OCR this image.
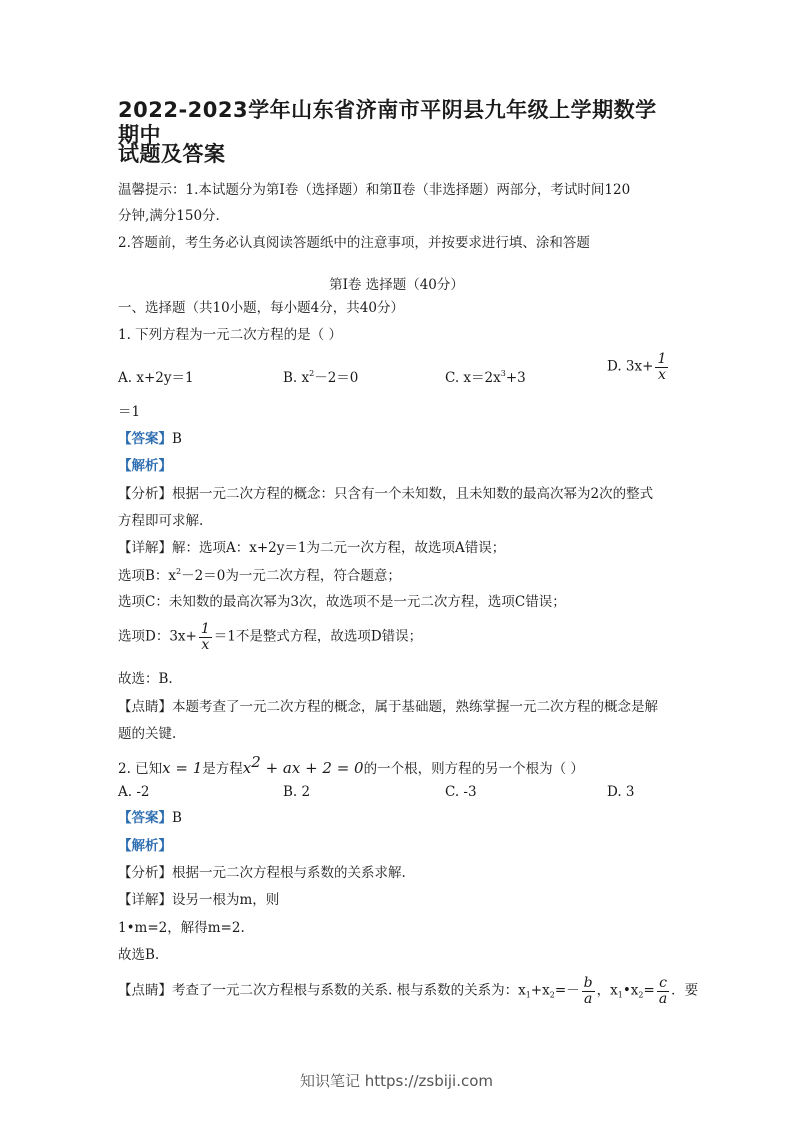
2022-2023学年山东省济南市平阴县九年级上学期数学期中
试题及答案
温馨提示：1.本试题分为第Ⅰ卷（选择题）和第Ⅱ卷（非选择题）两部分，考试时间120
分钟,满分150分.
2.答题前，考生务必认真阅读答题纸中的注意事项，并按要求进行填、涂和答题
第Ⅰ卷 选择题（40分）
一、选择题（共10小题，每小题4分，共40分）
1. 下列方程为一元二次方程的是（ ）
A. x+2y＝1	B. $x^2-2=0$	C. $x=2x^3+3$
D. $3x+ \frac{1}{x}$
＝1
【答案】B
【解析】
【分析】根据一元二次方程的概念：只含有一个未知数，且未知数的最高次幂为2次的整式
方程即可求解.
【详解】解：选项A：x+2y＝1为二元一次方程，故选项A错误；
选项B：$x^2-2=0$为一元二次方程，符合题意；
选项C：未知数的最高次幂为3次，故选项不是一元二次方程，选项C错误；
选项D：$3x+ \frac{1}{x} =1$不是整式方程，故选项D错误；
故选：B.
【点睛】本题考查了一元二次方程的概念，属于基础题，熟练掌握一元二次方程的概念是解
题的关键.
2. 已知x = 1是方程$x^2$ + ax + 2 = 0的一个根，则方程的另一个根为（ ）
A. -2	B. 2	C. -3	D. 3
【答案】B
【解析】
【分析】根据一元二次方程根与系数的关系求解.
【详解】设另一根为m，则
1•m=2，解得m=2.
故选B.
【点睛】考查了一元二次方程根与系数的关系. 根与系数的关系为：$x_1+x_2=- \frac{b}{a}$ ，$x_1•x_2= \frac{c}{a}$ ．要
知识笔记 https://zsbiji.com
